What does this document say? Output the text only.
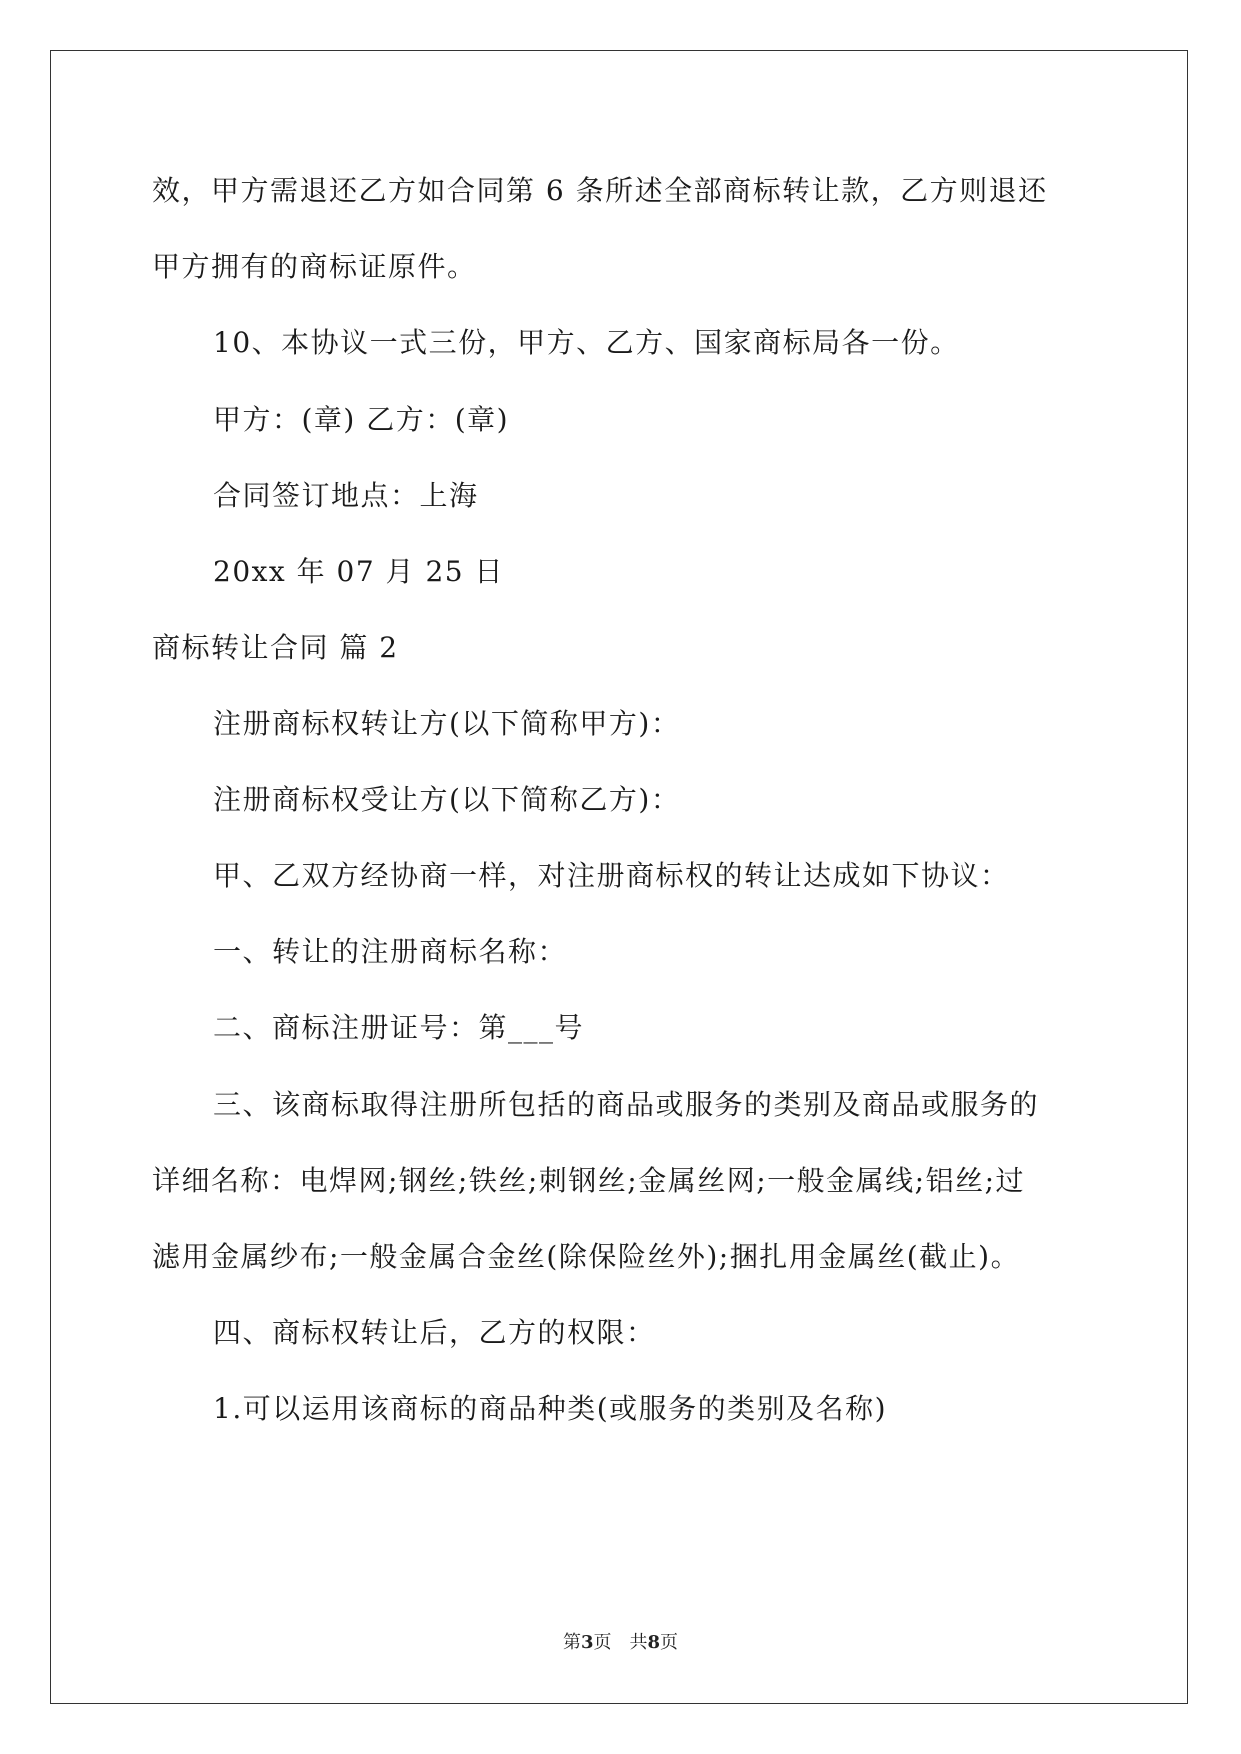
效，甲方需退还乙方如合同第 6 条所述全部商标转让款，乙方则退还
甲方拥有的商标证原件。
10、本协议一式三份，甲方、乙方、国家商标局各一份。
甲方：(章) 乙方：(章)
合同签订地点：上海
20xx 年 07 月 25 日
商标转让合同 篇 2
注册商标权转让方(以下简称甲方)：
注册商标权受让方(以下简称乙方)：
甲、乙双方经协商一样，对注册商标权的转让达成如下协议：
一、转让的注册商标名称：
二、商标注册证号：第___号
三、该商标取得注册所包括的商品或服务的类别及商品或服务的
详细名称：电焊网;钢丝;铁丝;刺钢丝;金属丝网;一般金属线;铝丝;过
滤用金属纱布;一般金属合金丝(除保险丝外);捆扎用金属丝(截止)。
四、商标权转让后，乙方的权限：
1.可以运用该商标的商品种类(或服务的类别及名称)
第3页 共8页
